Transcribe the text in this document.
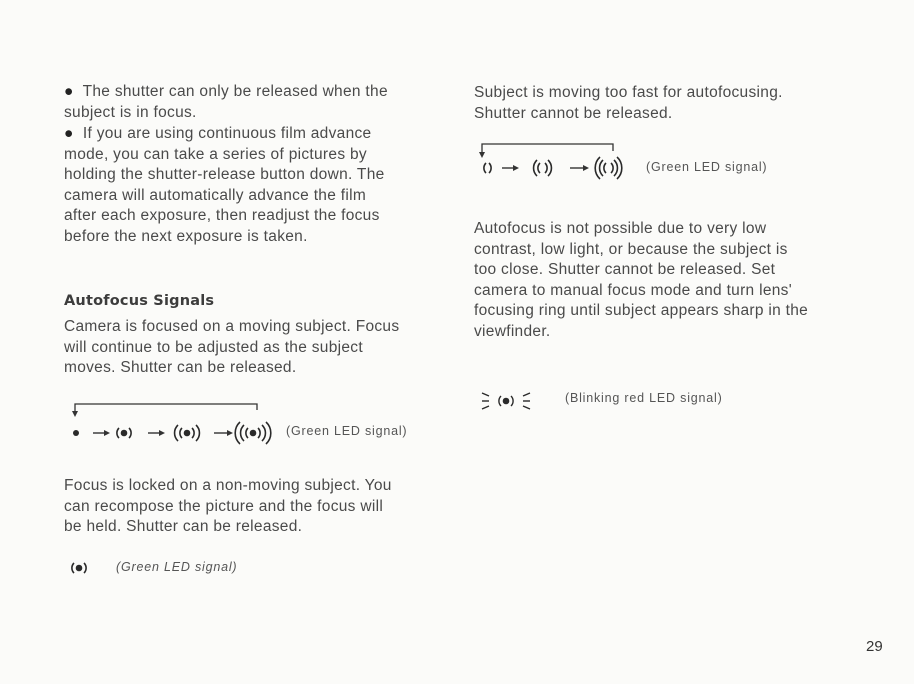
● The shutter can only be released when the
subject is in focus.
● If you are using continuous film advance
mode, you can take a series of pictures by
holding the shutter-release button down. The
camera will automatically advance the film
after each exposure, then readjust the focus
before the next exposure is taken.
Autofocus Signals
Camera is focused on a moving subject. Focus
will continue to be adjusted as the subject
moves. Shutter can be released.
(Green LED signal)
Focus is locked on a non-moving subject. You
can recompose the picture and the focus will
be held. Shutter can be released.
(Green LED signal)
Subject is moving too fast for autofocusing.
Shutter cannot be released.
(Green LED signal)
Autofocus is not possible due to very low
contrast, low light, or because the subject is
too close. Shutter cannot be released. Set
camera to manual focus mode and turn lens'
focusing ring until subject appears sharp in the
viewfinder.
(Blinking red LED signal)
29
